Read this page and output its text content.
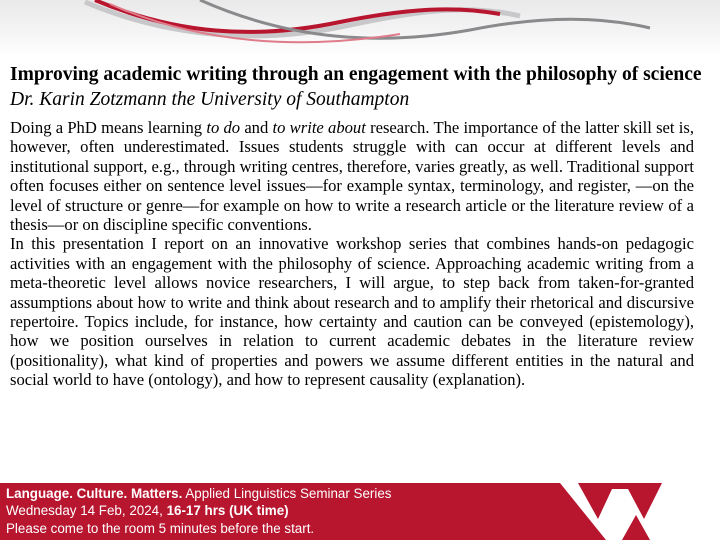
Improving academic writing through an engagement with the philosophy of science Dr. Karin Zotzmann the University of Southampton

Doing a PhD means learning to do and to write about research. The importance of the latter skill set is, however, often underestimated. Issues students struggle with can occur at different levels and institutional support, e.g., through writing centres, therefore, varies greatly, as well. Traditional support often focuses either on sentence level issues—for example syntax, terminology, and register, —on the level of structure or genre—for example on how to write a research article or the literature review of a thesis—or on discipline specific conventions.

In this presentation I report on an innovative workshop series that combines hands-on pedagogic activities with an engagement with the philosophy of science. Approaching academic writing from a meta-theoretic level allows novice researchers, I will argue, to step back from taken-for-granted assumptions about how to write and think about research and to amplify their rhetorical and discursive repertoire. Topics include, for instance, how certainty and caution can be conveyed (epistemology), how we position ourselves in relation to current academic debates in the literature review (positionality), what kind of properties and powers we assume different entities in the natural and social world to have (ontology), and how to represent causality (explanation).

Language. Culture. Matters. Applied Linguistics Seminar Series
Wednesday 14 Feb, 2024, 16-17 hrs (UK time)
Please come to the room 5 minutes before the start.
